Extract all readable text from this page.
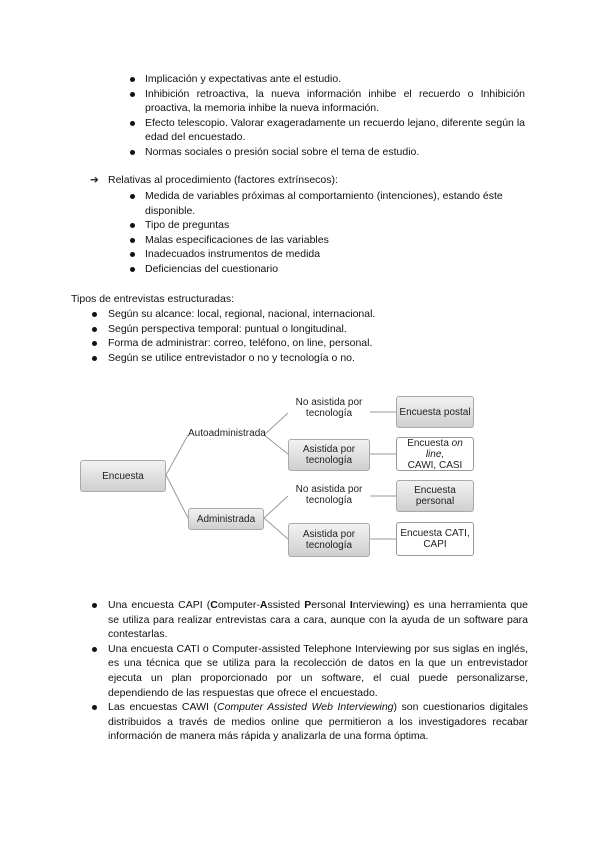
Implicación y expectativas ante el estudio.
Inhibición retroactiva, la nueva información inhibe el recuerdo o Inhibición proactiva, la memoria inhibe la nueva información.
Efecto telescopio. Valorar exageradamente un recuerdo lejano, diferente según la edad del encuestado.
Normas sociales o presión social sobre el tema de estudio.
➔ Relativas al procedimiento (factores extrínsecos):
Medida de variables próximas al comportamiento (intenciones), estando éste disponible.
Tipo de preguntas
Malas especificaciones de las variables
Inadecuados instrumentos de medida
Deficiencias del cuestionario
Tipos de entrevistas estructuradas:
Según su alcance: local, regional, nacional, internacional.
Según perspectiva temporal: puntual o longitudinal.
Forma de administrar: correo, teléfono, on line, personal.
Según se utilice entrevistador o no y tecnología o no.
Encuesta
Autoadministrada
Administrada
No asistida por tecnología
Asistida por tecnología
No asistida por tecnología
Asistida por tecnología
Encuesta postal
Encuesta on line,
CAWI, CASI
Encuesta personal
Encuesta CATI, CAPI
Una encuesta CAPI (Computer-Assisted Personal Interviewing) es una herramienta que se utiliza para realizar entrevistas cara a cara, aunque con la ayuda de un software para contestarlas.
Una encuesta CATI o Computer-assisted Telephone Interviewing por sus siglas en inglés, es una técnica que se utiliza para la recolección de datos en la que un entrevistador ejecuta un plan proporcionado por un software, el cual puede personalizarse, dependiendo de las respuestas que ofrece el encuestado.
Las encuestas CAWI (Computer Assisted Web Interviewing) son cuestionarios digitales distribuidos a través de medios online que permitieron a los investigadores recabar información de manera más rápida y analizarla de una forma óptima.
